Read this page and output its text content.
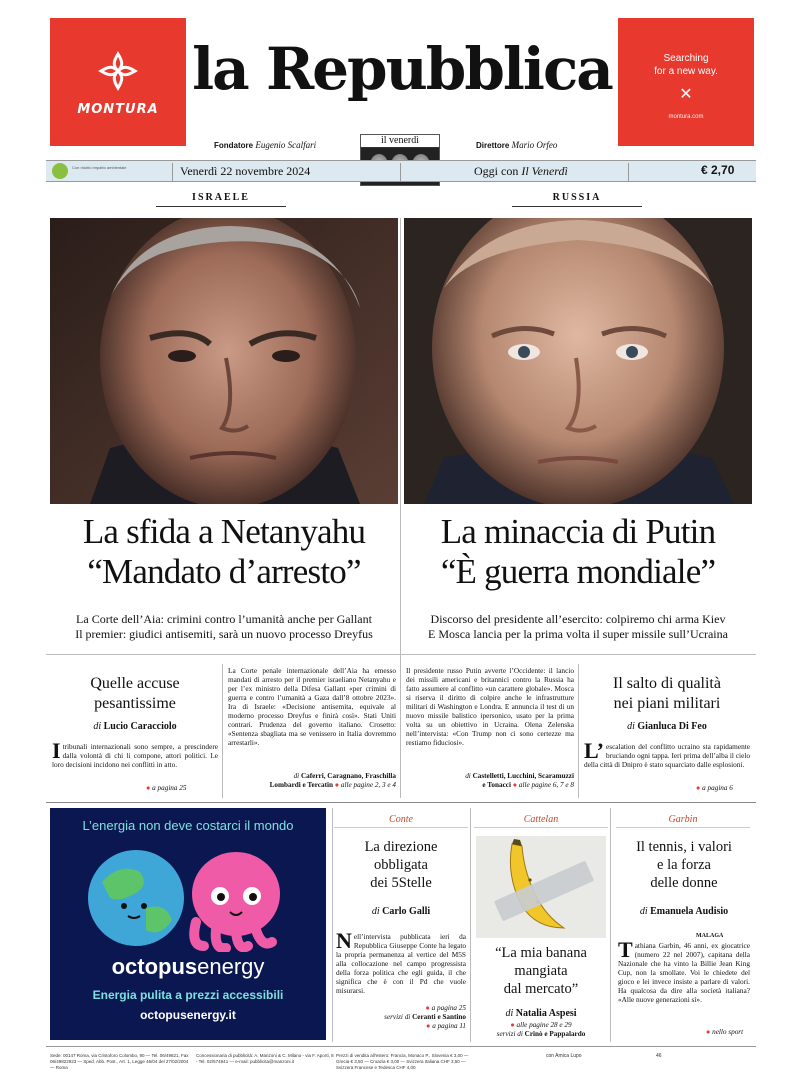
MONTURA
la Repubblica	Searching
for a new way.
✕
montura.com
Fondatore Eugenio Scalfari	il venerdì	Direttore Mario Orfeo
Con ridotto impatto ambientale	Venerdì 22 novembre 2024	Oggi con Il Venerdì	€ 2,70
ISRAELE	RUSSIA
La sfida a Netanyahu
“Mandato d’arresto”
La minaccia di Putin
“È guerra mondiale”
La Corte dell’Aia: crimini contro l’umanità anche per Gallant
Il premier: giudici antisemiti, sarà un nuovo processo Dreyfus
Discorso del presidente all’esercito: colpiremo chi arma Kiev
E Mosca lancia per la prima volta il super missile sull’Ucraina
Quelle accuse
pesantissime
di Lucio Caracciolo
I tribunali internazionali sono sempre, a prescindere dalla volontà di chi li compone, attori politici. Le loro decisioni incidono nei conflitti in atto.
● a pagina 25
La Corte penale internazionale dell’Aia ha emesso mandati di arresto per il premier israeliano Netanyahu e per l’ex ministro della Difesa Gallant «per crimini di guerra e contro l’umanità a Gaza dall’8 ottobre 2023». Ira di Israele: «Decisione antisemita, equivale al moderno processo Dreyfus e finirà così». Stati Uniti contrari. Prudenza del governo italiano. Crosetto: «Sentenza sbagliata ma se venissero in Italia dovremmo arrestarli».
di Caferri, Caragnano, Fraschilla
Lombardi e Tercatin ● alle pagine 2, 3 e 4
Il presidente russo Putin avverte l’Occidente: il lancio dei missili americani e britannici contro la Russia ha fatto assumere al conflitto «un carattere globale». Mosca si riserva il diritto di colpire anche le infrastrutture militari di Washington e Londra. E annuncia il test di un nuovo missile balistico ipersonico, usato per la prima volta su un obiettivo in Ucraina. Olena Zelenska nell’intervista: «Con Trump non ci sono certezze ma restiamo fiduciosi».
di Castelletti, Lucchini, Scaramuzzi
e Tonacci ● alle pagine 6, 7 e 8
Il salto di qualità
nei piani militari
di Gianluca Di Feo
L’ escalation del conflitto ucraino sta rapidamente bruciando ogni tappa. Ieri prima dell’alba il cielo della città di Dnipro è stato squarciato dalle esplosioni.
● a pagina 6
L’energia non deve costarci il mondo
octopusenergy
Energia pulita a prezzi accessibili
octopusenergy.it
Conte
La direzione
obbligata
dei 5Stelle
di Carlo Galli
N ell’intervista pubblicata ieri da Repubblica Giuseppe Conte ha legato la propria permanenza al vertice del M5S alla collocazione nel campo progressista della forza politica che egli guida, il che significa che è con il Pd che vuole misurarsi.
● a pagina 25
servizi di Ceranti e Santino
● a pagina 11
Cattelan
“La mia banana
mangiata
dal mercato”
di Natalia Aspesi
● alle pagine 28 e 29
servizi di Crinò e Pappalardo
Garbin
Il tennis, i valori
e la forza
delle donne
di Emanuela Audisio
MALAGA
T athiana Garbin, 46 anni, ex giocatrice (numero 22 nel 2007), capitana della Nazionale che ha vinto la Billie Jean King Cup, non la smollate. Voi le chiedete del gioco e lei invece insiste a parlare di valori. Ha qualcosa da dire alla società italiana? «Alle nuove generazioni sì».
● nello sport
Sede: 00147 Roma, via Cristoforo Colombo, 90 — Tel. 06/49821, Fax 06/49822923 — Sped. Abb. Post., Art. 1, Legge 46/04 del 27/02/2004 — Roma
Concessionaria di pubblicità: A. Manzoni & C. Milano - via F. Aporti, 8 - Tel. 02/574941 — e-mail: pubblicita@manzoni.it
Prezzi di vendita all'estero: Francia, Monaco P., Slovenia € 3,00 — Grecia € 3,50 — Croazia € 3,00 — Svizzera Italiana CHF 3,50 — Svizzera Francese e Tedesca CHF 4,00
con Amica Lupo	46
